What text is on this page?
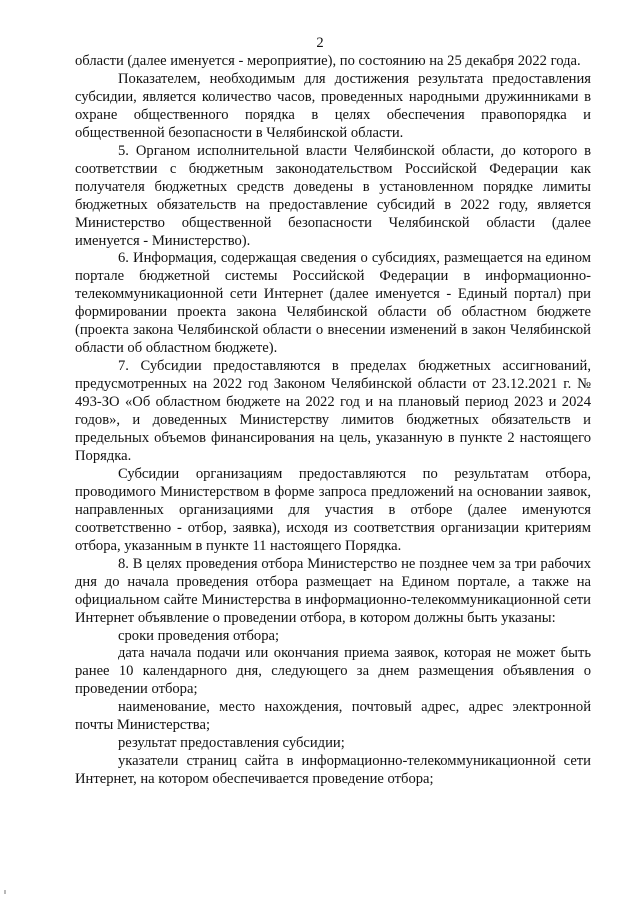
2

области (далее именуется - мероприятие), по состоянию на 25 декабря 2022 года.

Показателем, необходимым для достижения результата предоставления субсидии, является количество часов, проведенных народными дружинниками в охране общественного порядка в целях обеспечения правопорядка и общественной безопасности в Челябинской области.

5. Органом исполнительной власти Челябинской области, до которого в соответствии с бюджетным законодательством Российской Федерации как получателя бюджетных средств доведены в установленном порядке лимиты бюджетных обязательств на предоставление субсидий в 2022 году, является Министерство общественной безопасности Челябинской области (далее именуется - Министерство).

6. Информация, содержащая сведения о субсидиях, размещается на едином портале бюджетной системы Российской Федерации в информационно-телекоммуникационной сети Интернет (далее именуется - Единый портал) при формировании проекта закона Челябинской области об областном бюджете (проекта закона Челябинской области о внесении изменений в закон Челябинской области об областном бюджете).

7. Субсидии предоставляются в пределах бюджетных ассигнований, предусмотренных на 2022 год Законом Челябинской области от 23.12.2021 г. № 493-ЗО «Об областном бюджете на 2022 год и на плановый период 2023 и 2024 годов», и доведенных Министерству лимитов бюджетных обязательств и предельных объемов финансирования на цель, указанную в пункте 2 настоящего Порядка.

Субсидии организациям предоставляются по результатам отбора, проводимого Министерством в форме запроса предложений на основании заявок, направленных организациями для участия в отборе (далее именуются соответственно - отбор, заявка), исходя из соответствия организации критериям отбора, указанным в пункте 11 настоящего Порядка.

8. В целях проведения отбора Министерство не позднее чем за три рабочих дня до начала проведения отбора размещает на Едином портале, а также на официальном сайте Министерства в информационно-телекоммуникационной сети Интернет объявление о проведении отбора, в котором должны быть указаны:

сроки проведения отбора;

дата начала подачи или окончания приема заявок, которая не может быть ранее 10 календарного дня, следующего за днем размещения объявления о проведении отбора;

наименование, место нахождения, почтовый адрес, адрес электронной почты Министерства;

результат предоставления субсидии;

указатели страниц сайта в информационно-телекоммуникационной сети Интернет, на котором обеспечивается проведение отбора;
